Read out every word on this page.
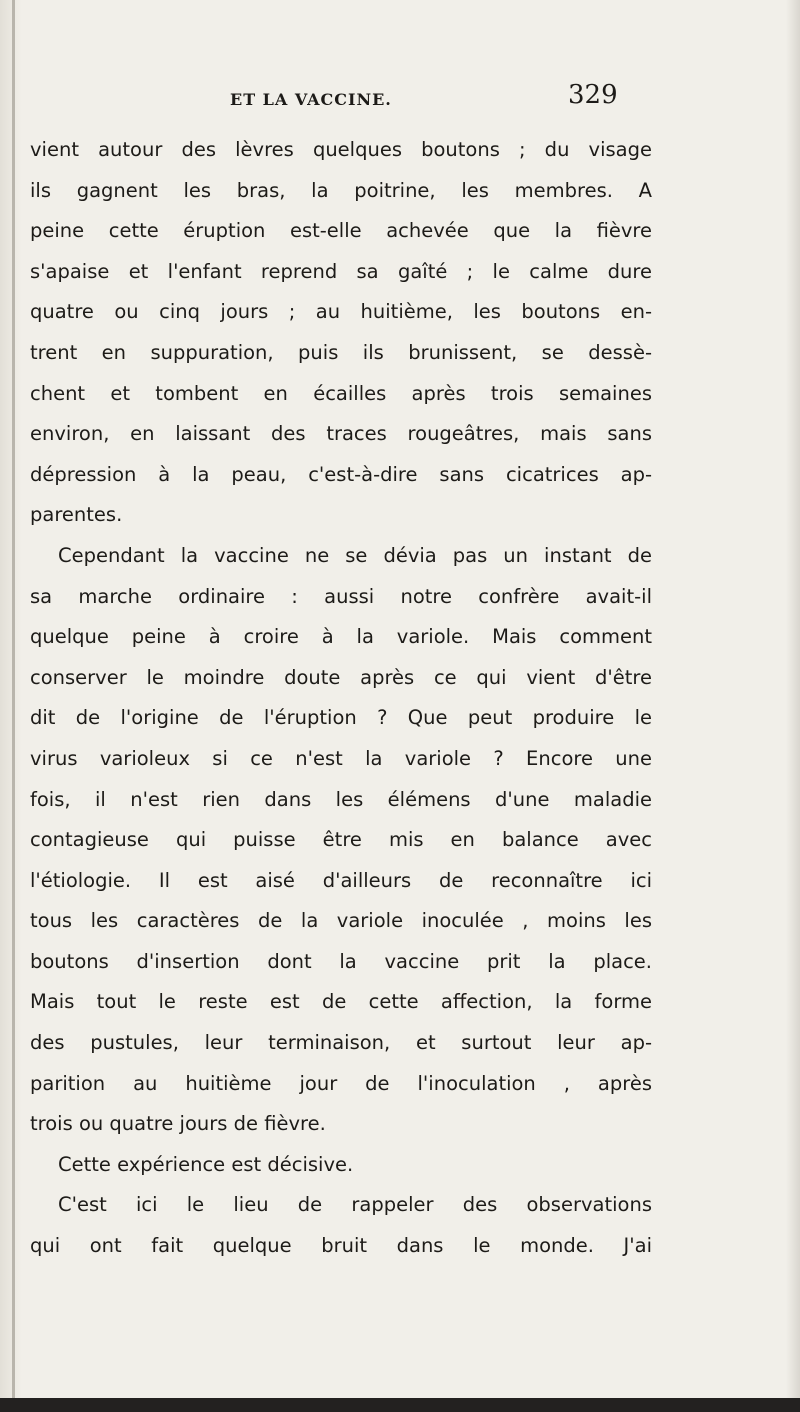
ET LA VACCINE.	329
vient autour des lèvres quelques boutons ; du visage
ils gagnent les bras, la poitrine, les membres. A
peine cette éruption est-elle achevée que la fièvre
s'apaise et l'enfant reprend sa gaîté ; le calme dure
quatre ou cinq jours ; au huitième, les boutons en-
trent en suppuration, puis ils brunissent, se dessè-
chent et tombent en écailles après trois semaines
environ, en laissant des traces rougeâtres, mais sans
dépression à la peau, c'est-à-dire sans cicatrices ap-
parentes.
Cependant la vaccine ne se dévia pas un instant de
sa marche ordinaire : aussi notre confrère avait-il
quelque peine à croire à la variole. Mais comment
conserver le moindre doute après ce qui vient d'être
dit de l'origine de l'éruption ? Que peut produire le
virus varioleux si ce n'est la variole ? Encore une
fois, il n'est rien dans les élémens d'une maladie
contagieuse qui puisse être mis en balance avec
l'étiologie. Il est aisé d'ailleurs de reconnaître ici
tous les caractères de la variole inoculée , moins les
boutons d'insertion dont la vaccine prit la place.
Mais tout le reste est de cette affection, la forme
des pustules, leur terminaison, et surtout leur ap-
parition au huitième jour de l'inoculation , après
trois ou quatre jours de fièvre.
Cette expérience est décisive.
C'est ici le lieu de rappeler des observations
qui ont fait quelque bruit dans le monde. J'ai
